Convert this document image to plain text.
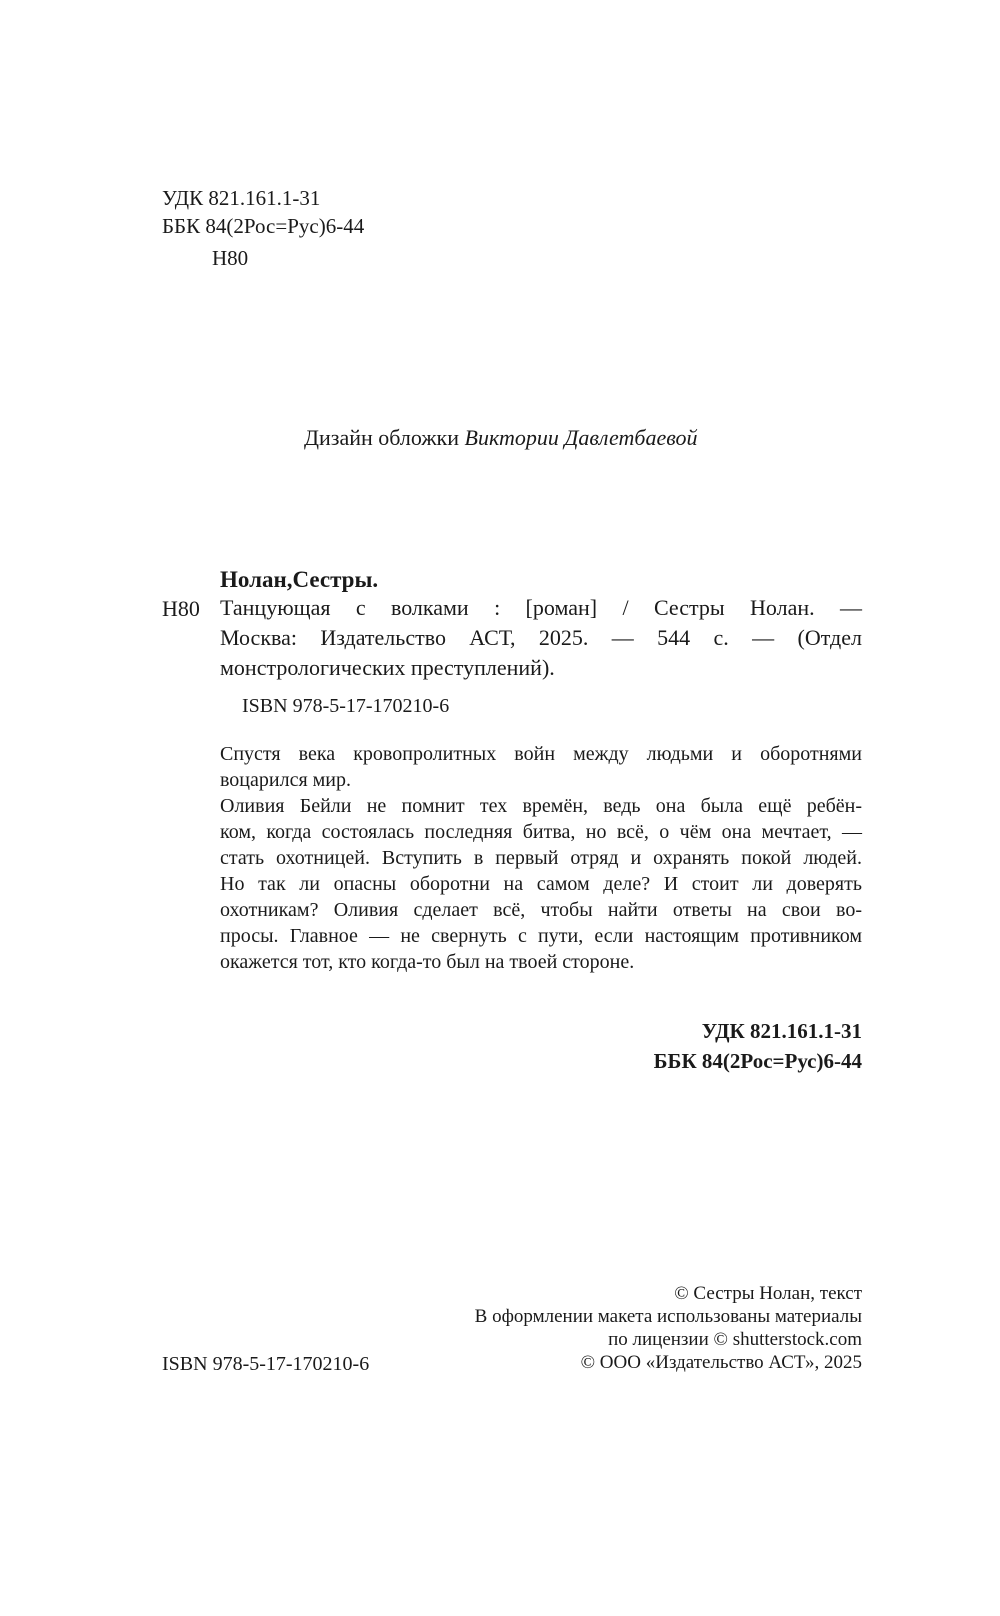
УДК 821.161.1-31
ББК 84(2Рос=Рус)6-44
Н80
Дизайн обложки Виктории Давлетбаевой
Нолан,Сестры.
Н80 Танцующая с волками : [роман] / Сестры Нолан. —
Москва: Издательство АСТ, 2025. — 544 с. — (Отдел
монстрологических преступлений).
ISBN 978-5-17-170210-6
Спустя века кровопролитных войн между людьми и оборотнями
воцарился мир.
Оливия Бейли не помнит тех времён, ведь она была ещё ребён-
ком, когда состоялась последняя битва, но всё, о чём она мечтает, —
стать охотницей. Вступить в первый отряд и охранять покой людей.
Но так ли опасны оборотни на самом деле? И стоит ли доверять
охотникам? Оливия сделает всё, чтобы найти ответы на свои во-
просы. Главное — не свернуть с пути, если настоящим противником
окажется тот, кто когда-то был на твоей стороне.
УДК 821.161.1-31
ББК 84(2Рос=Рус)6-44
© Сестры Нолан, текст
В оформлении макета использованы материалы
по лицензии © shutterstock.com
© ООО «Издательство АСТ», 2025
ISBN 978-5-17-170210-6
